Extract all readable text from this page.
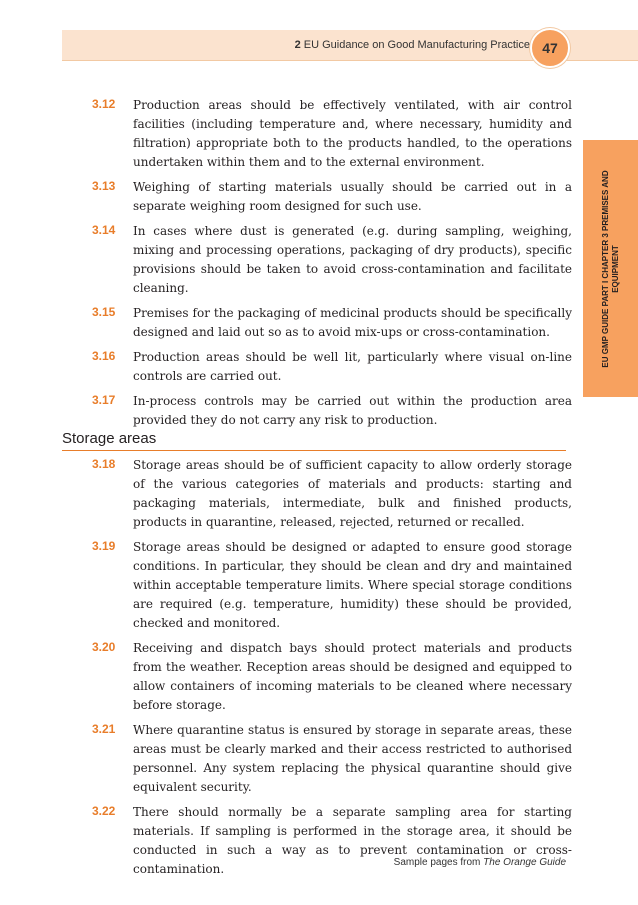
2 EU Guidance on Good Manufacturing Practice 47
EU GMP GUIDE PART I CHAPTER 3 PREMISES AND
EQUIPMENT
3.12 Production areas should be effectively ventilated, with air control facilities (including temperature and, where necessary, humidity and filtration) appropriate both to the products handled, to the operations undertaken within them and to the external environment.
3.13 Weighing of starting materials usually should be carried out in a separate weighing room designed for such use.
3.14 In cases where dust is generated (e.g. during sampling, weighing, mixing and processing operations, packaging of dry products), specific provisions should be taken to avoid cross-contamination and facilitate cleaning.
3.15 Premises for the packaging of medicinal products should be specifically designed and laid out so as to avoid mix-ups or cross-contamination.
3.16 Production areas should be well lit, particularly where visual on-line controls are carried out.
3.17 In-process controls may be carried out within the production area provided they do not carry any risk to production.
Storage areas
3.18 Storage areas should be of sufficient capacity to allow orderly storage of the various categories of materials and products: starting and packaging materials, intermediate, bulk and finished products, products in quarantine, released, rejected, returned or recalled.
3.19 Storage areas should be designed or adapted to ensure good storage conditions. In particular, they should be clean and dry and maintained within acceptable temperature limits. Where special storage conditions are required (e.g. temperature, humidity) these should be provided, checked and monitored.
3.20 Receiving and dispatch bays should protect materials and products from the weather. Reception areas should be designed and equipped to allow containers of incoming materials to be cleaned where necessary before storage.
3.21 Where quarantine status is ensured by storage in separate areas, these areas must be clearly marked and their access restricted to authorised personnel. Any system replacing the physical quarantine should give equivalent security.
3.22 There should normally be a separate sampling area for starting materials. If sampling is performed in the storage area, it should be conducted in such a way as to prevent contamination or cross-contamination.	Sample pages from The Orange Guide
